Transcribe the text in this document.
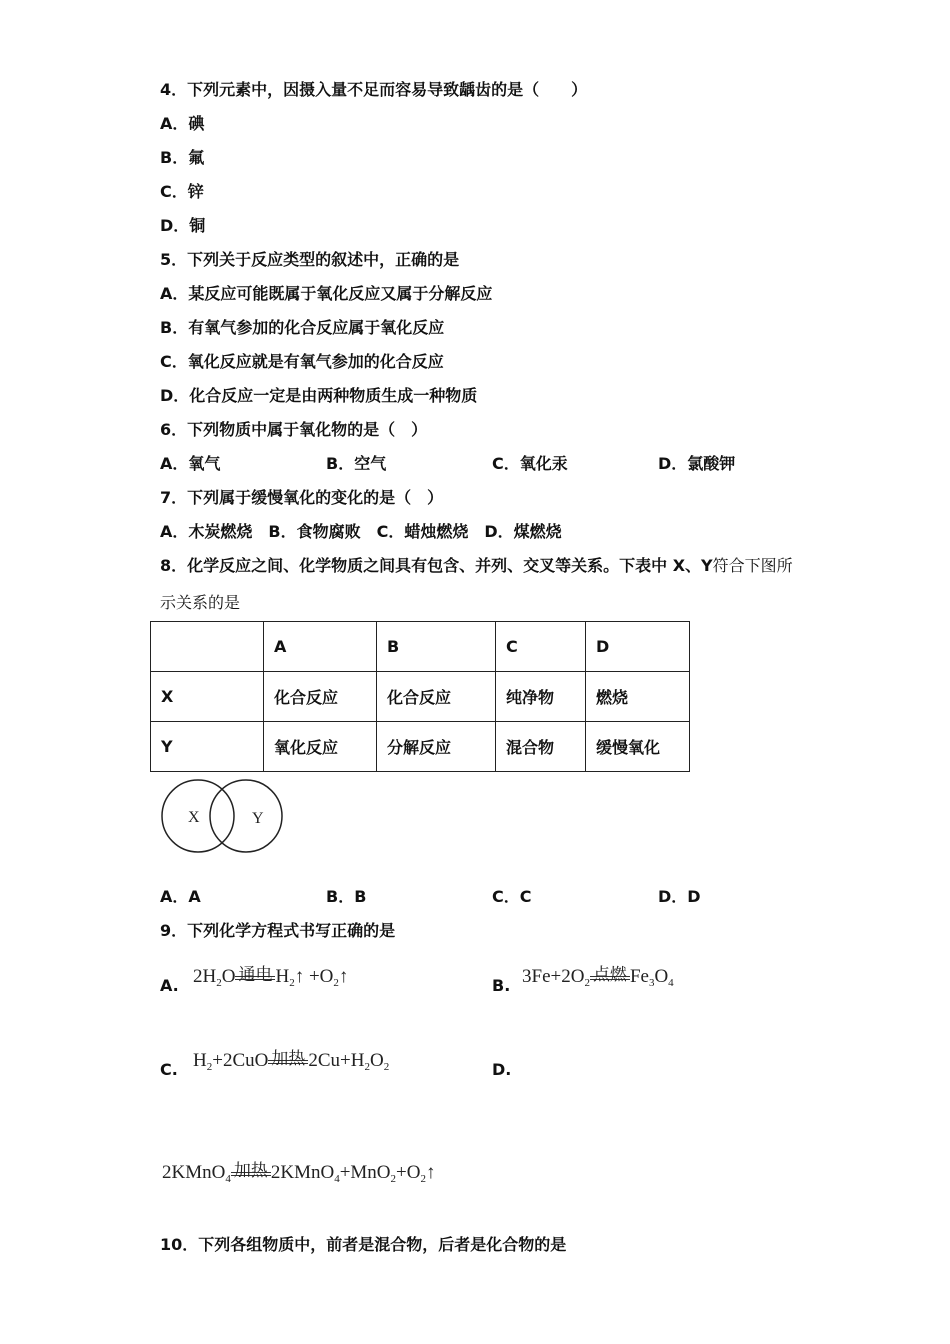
4．下列元素中，因摄入量不足而容易导致龋齿的是（　　）
A．碘
B．氟
C．锌
D．铜
5．下列关于反应类型的叙述中，正确的是
A．某反应可能既属于氧化反应又属于分解反应
B．有氧气参加的化合反应属于氧化反应
C．氧化反应就是有氧气参加的化合反应
D．化合反应一定是由两种物质生成一种物质
6．下列物质中属于氧化物的是（　）
A．氧气	B．空气	C．氧化汞	D．氯酸钾
7．下列属于缓慢氧化的变化的是（　）
A．木炭燃烧　B．食物腐败　C．蜡烛燃烧　D．煤燃烧
8．化学反应之间、化学物质之间具有包含、并列、交叉等关系。下表中 X、Y符合下图所
示关系的是
	A	B	C	D
X	化合反应	化合反应	纯净物	燃烧
Y	氧化反应	分解反应	混合物	缓慢氧化
X	Y
A．A	B．B	C．C	D．D
9．下列化学方程式书写正确的是
A. $2H_2O$ 通电 $H_2↑$ $+O_2↑$	B. $3Fe+2O_2$ 点燃 $Fe_3O_4$
C. $H_2+2CuO$ 加热 $2Cu+H_2O_2$	D.
2KMnO$_4$ 加热 $2KMnO_4+MnO_2+O_2↑$
10．下列各组物质中，前者是混合物，后者是化合物的是
